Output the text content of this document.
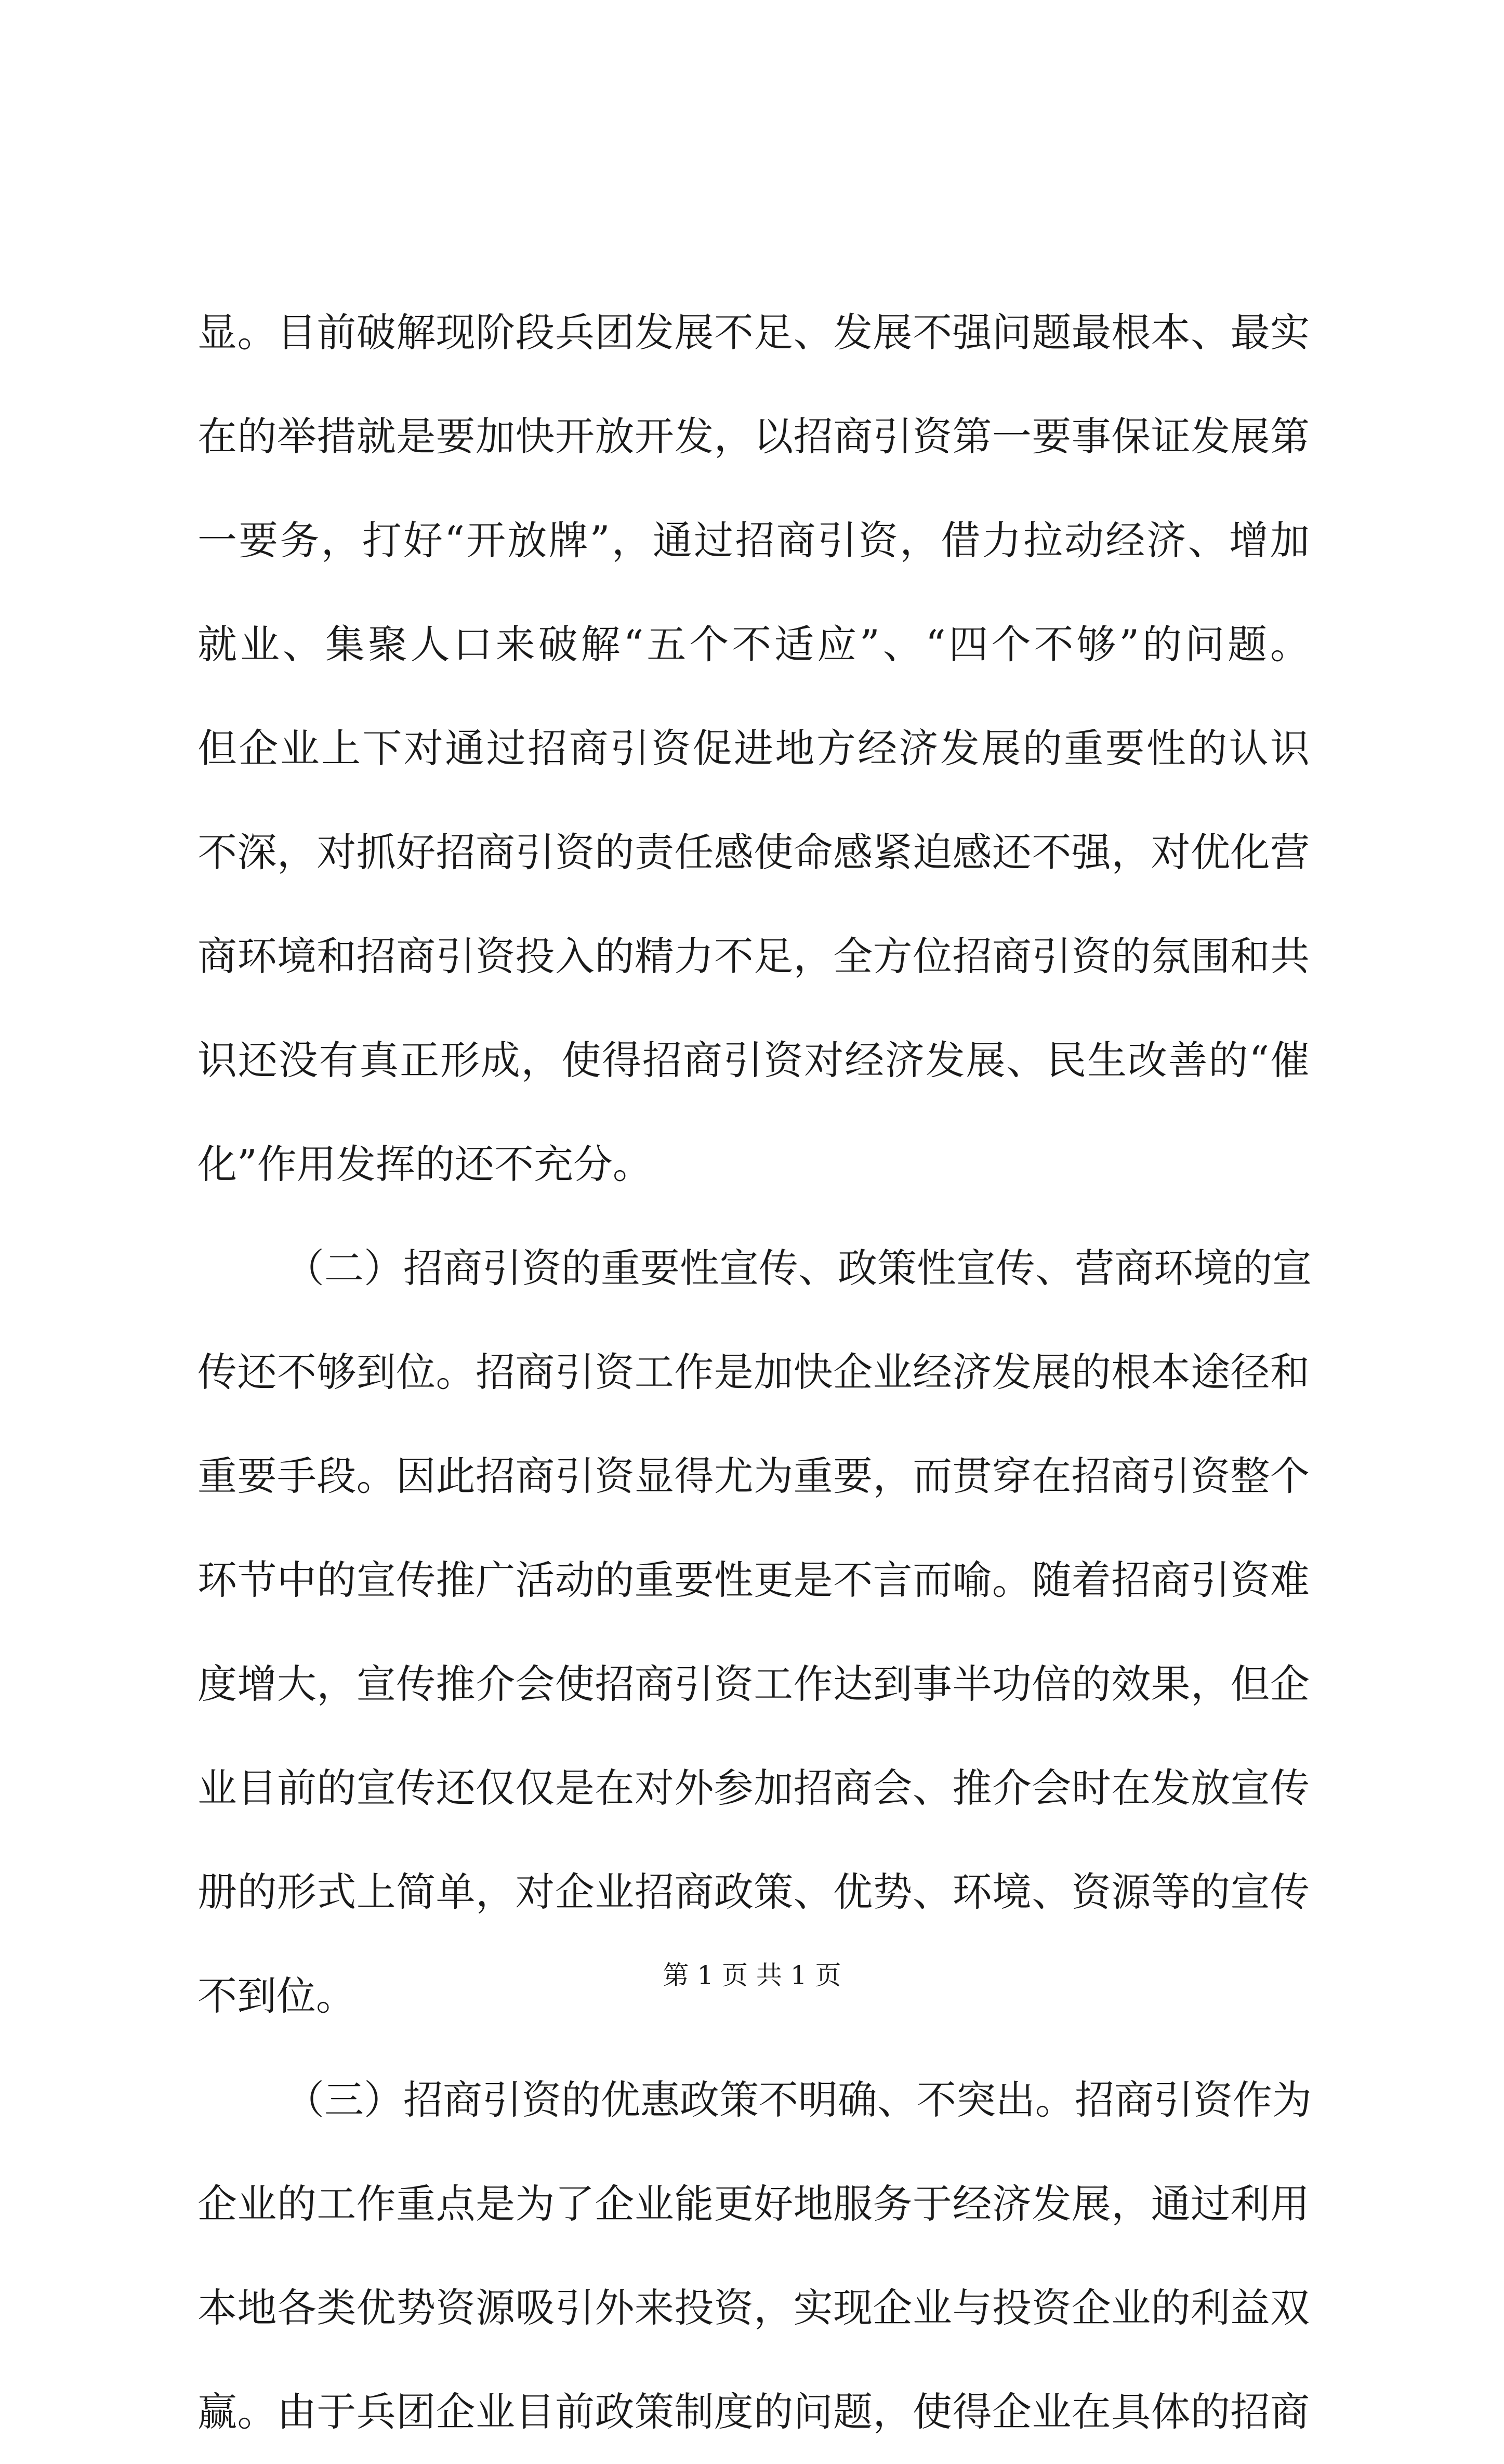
显。目前破解现阶段兵团发展不足、发展不强问题最根本、最实
在的举措就是要加快开放开发，以招商引资第一要事保证发展第
一要务，打好“开放牌”，通过招商引资，借力拉动经济、增加
就业、集聚人口来破解“五个不适应”、“四个不够”的问题。
但企业上下对通过招商引资促进地方经济发展的重要性的认识
不深，对抓好招商引资的责任感使命感紧迫感还不强，对优化营
商环境和招商引资投入的精力不足，全方位招商引资的氛围和共
识还没有真正形成，使得招商引资对经济发展、民生改善的“催
化”作用发挥的还不充分。
（二）招商引资的重要性宣传、政策性宣传、营商环境的宣
传还不够到位。招商引资工作是加快企业经济发展的根本途径和
重要手段。因此招商引资显得尤为重要，而贯穿在招商引资整个
环节中的宣传推广活动的重要性更是不言而喻。随着招商引资难
度增大，宣传推介会使招商引资工作达到事半功倍的效果，但企
业目前的宣传还仅仅是在对外参加招商会、推介会时在发放宣传
册的形式上简单，对企业招商政策、优势、环境、资源等的宣传
不到位。
（三）招商引资的优惠政策不明确、不突出。招商引资作为
企业的工作重点是为了企业能更好地服务于经济发展，通过利用
本地各类优势资源吸引外来投资，实现企业与投资企业的利益双
赢。由于兵团企业目前政策制度的问题，使得企业在具体的招商
第 1 页 共 1 页
